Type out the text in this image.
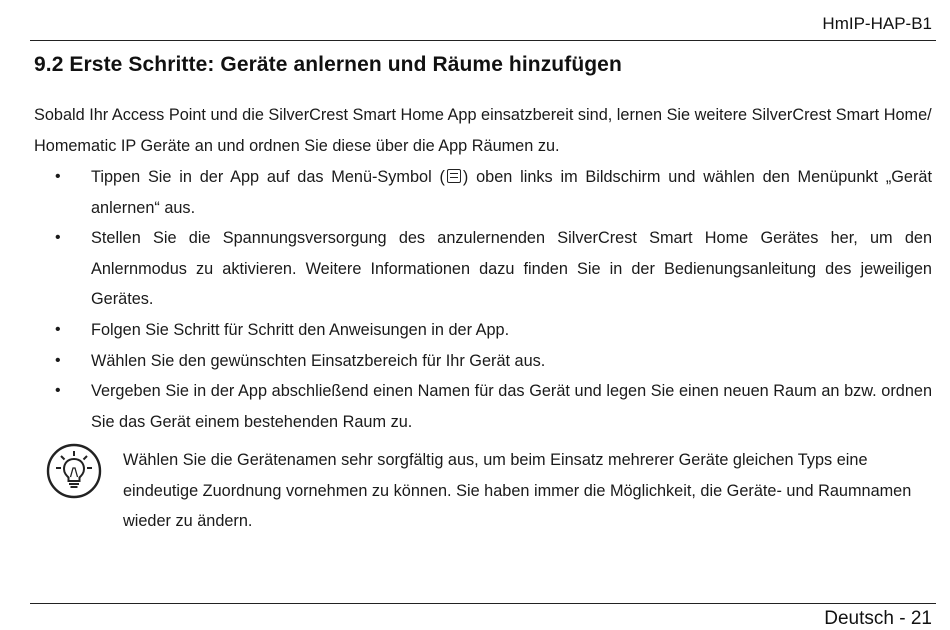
HmIP-HAP-B1
9.2 Erste Schritte: Geräte anlernen und Räume hinzufügen

Sobald Ihr Access Point und die SilverCrest Smart Home App einsatzbereit sind, lernen Sie weitere SilverCrest Smart Home/ Homematic IP Geräte an und ordnen Sie diese über die App Räumen zu.

• Tippen Sie in der App auf das Menü-Symbol ( ) oben links im Bildschirm und wählen den Menüpunkt „Gerät anlernen“ aus.
• Stellen Sie die Spannungsversorgung des anzulernenden SilverCrest Smart Home Gerätes her, um den Anlernmodus zu aktivieren. Weitere Informationen dazu finden Sie in der Bedienungsanleitung des jeweiligen Gerätes.
• Folgen Sie Schritt für Schritt den Anweisungen in der App.
• Wählen Sie den gewünschten Einsatzbereich für Ihr Gerät aus.
• Vergeben Sie in der App abschließend einen Namen für das Gerät und legen Sie einen neuen Raum an bzw. ordnen Sie das Gerät einem bestehenden Raum zu.

Wählen Sie die Gerätenamen sehr sorgfältig aus, um beim Einsatz mehrerer Geräte gleichen Typs eine eindeutige Zuordnung vornehmen zu können. Sie haben immer die Möglichkeit, die Geräte- und Raumnamen wieder zu ändern.

Deutsch - 21
